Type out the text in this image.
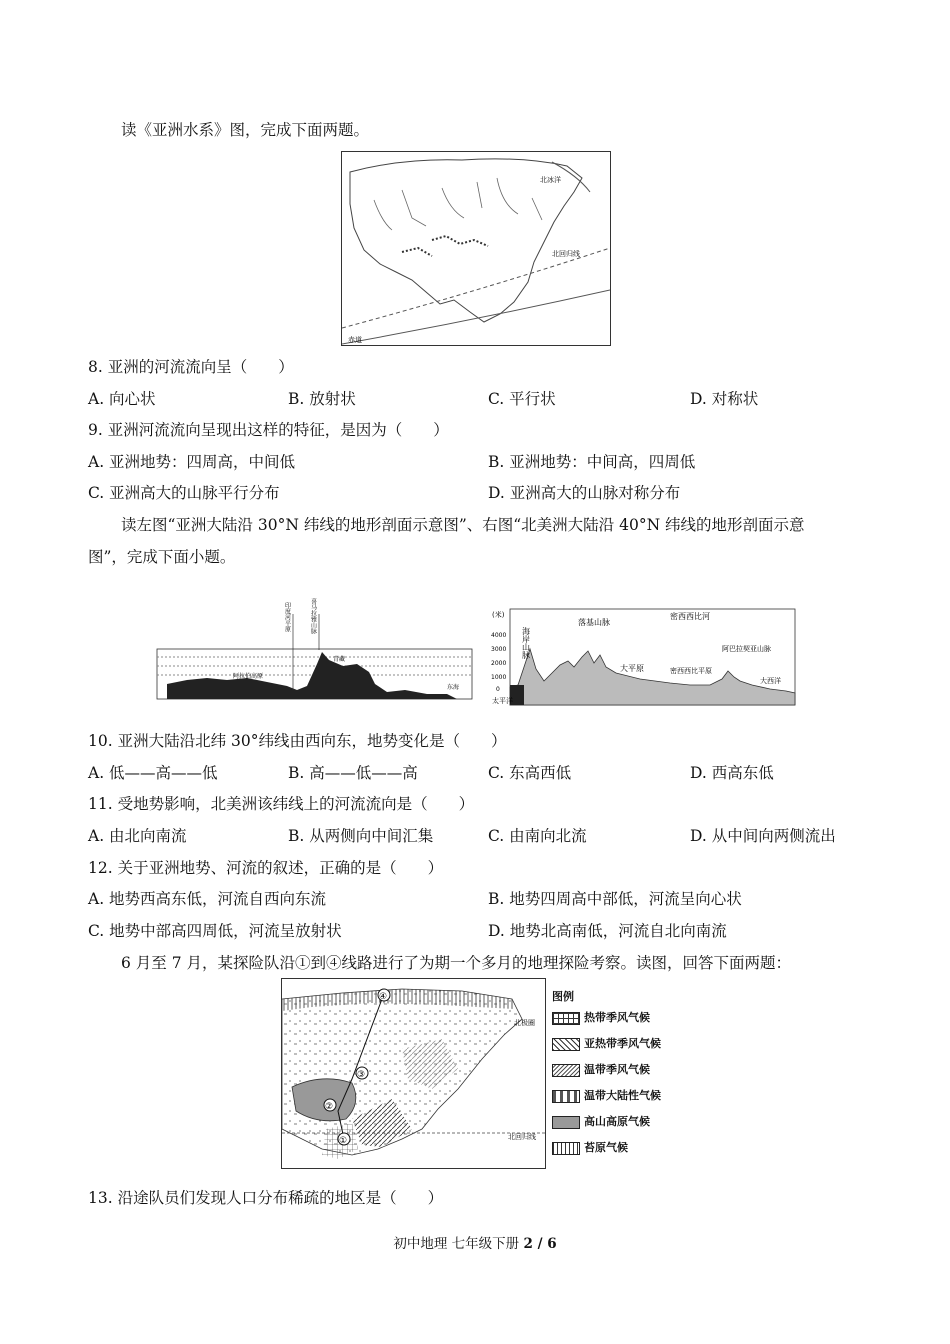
读《亚洲水系》图，完成下面两题。
赤道
北回归线
北冰洋
8. 亚洲的河流流向呈（　　）
A. 向心状	B. 放射状	C. 平行状	D. 对称状
9. 亚洲河流流向呈现出这样的特征，是因为（　　）
A. 亚洲地势：四周高，中间低	B. 亚洲地势：中间高，四周低
C. 亚洲高大的山脉平行分布	D. 亚洲高大的山脉对称分布
读左图“亚洲大陆沿 30°N 纬线的地形剖面示意图”、右图“北美洲大陆沿 40°N 纬线的地形剖面示意
图”，完成下面小题。
印度河平原	喜马拉雅山脉
阿拉伯高原
青藏
东海
(米)
4000
3000
2000
1000
0
海岸山脉
落基山脉
密西西比河
大平原	密西西比平原
阿巴拉契亚山脉
太平洋
大西洋
10. 亚洲大陆沿北纬 30°纬线由西向东，地势变化是（　　）
A. 低——高——低	B. 高——低——高	C. 东高西低	D. 西高东低
11. 受地势影响，北美洲该纬线上的河流流向是（　　）
A. 由北向南流	B. 从两侧向中间汇集	C. 由南向北流	D. 从中间向两侧流出
12. 关于亚洲地势、河流的叙述，正确的是（　　）
A. 地势西高东低，河流自西向东流	B. 地势四周高中部低，河流呈向心状
C. 地势中部高四周低，河流呈放射状	D. 地势北高南低，河流自北向南流
6 月至 7 月，某探险队沿①到④线路进行了为期一个多月的地理探险考察。读图，回答下面两题：
①
②
③
④
北回归线
北极圈
图例
热带季风气候
亚热带季风气候
温带季风气候
温带大陆性气候
高山高原气候
苔原气候
13. 沿途队员们发现人口分布稀疏的地区是（　　）
初中地理 七年级下册 2 / 6
